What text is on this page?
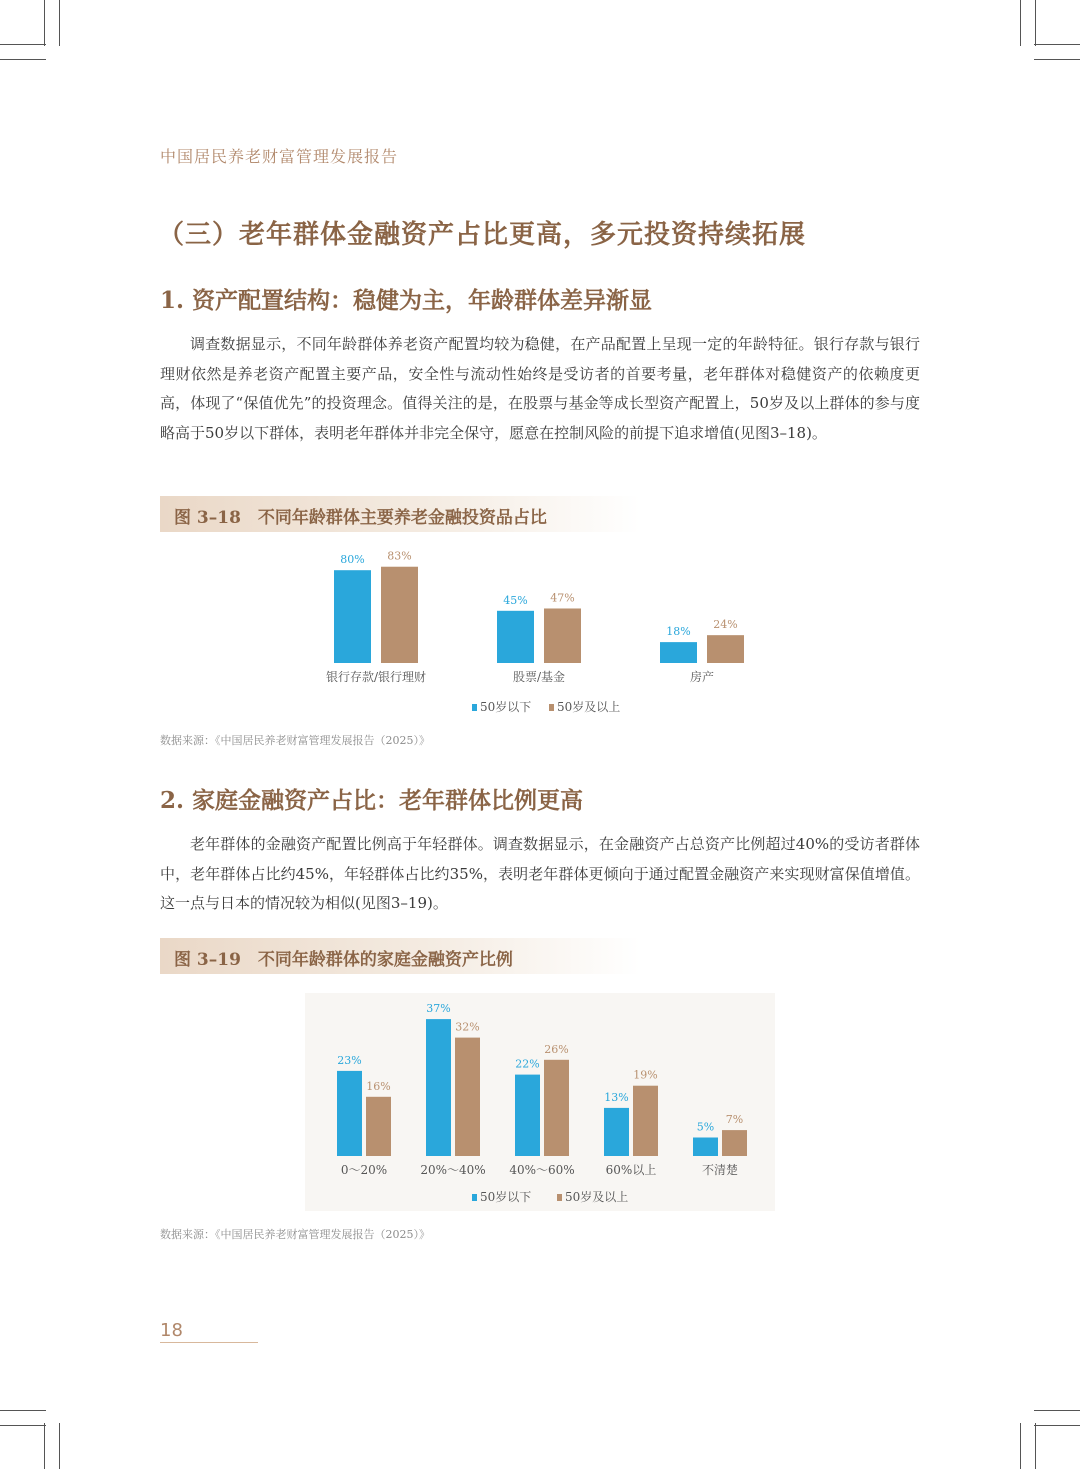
中国居民养老财富管理发展报告
（三）老年群体金融资产占比更高，多元投资持续拓展
1. 资产配置结构：稳健为主，年龄群体差异渐显

调查数据显示，不同年龄群体养老资产配置均较为稳健，在产品配置上呈现一定的年龄特征。银行存款与银行理财依然是养老资产配置主要产品，安全性与流动性始终是受访者的首要考量，老年群体对稳健资产的依赖度更高，体现了“保值优先”的投资理念。值得关注的是，在股票与基金等成长型资产配置上，50岁及以上群体的参与度略高于50岁以下群体，表明老年群体并非完全保守，愿意在控制风险的前提下追求增值(见图3–18)。

图 3–18　不同年龄群体主要养老金融投资品占比
80% 83%
银行存款/银行理财
45% 47%
股票/基金
18%
24%
房产
50岁以下 50岁及以上
数据来源：《中国居民养老财富管理发展报告（2025）》
2. 家庭金融资产占比：老年群体比例更高

老年群体的金融资产配置比例高于年轻群体。调查数据显示，在金融资产占总资产比例超过40%的受访者群体中，老年群体占比约45%，年轻群体占比约35%，表明老年群体更倾向于通过配置金融资产来实现财富保值增值。这一点与日本的情况较为相似(见图3–19)。

图 3–19　不同年龄群体的家庭金融资产比例
23%
16%
0～20%
37%
32%
20%～40%
22%
26%
40%～60%
13%
19%
60%以上
5%
7%
不清楚
50岁以下	50岁及以上
数据来源：《中国居民养老财富管理发展报告（2025）》
18
